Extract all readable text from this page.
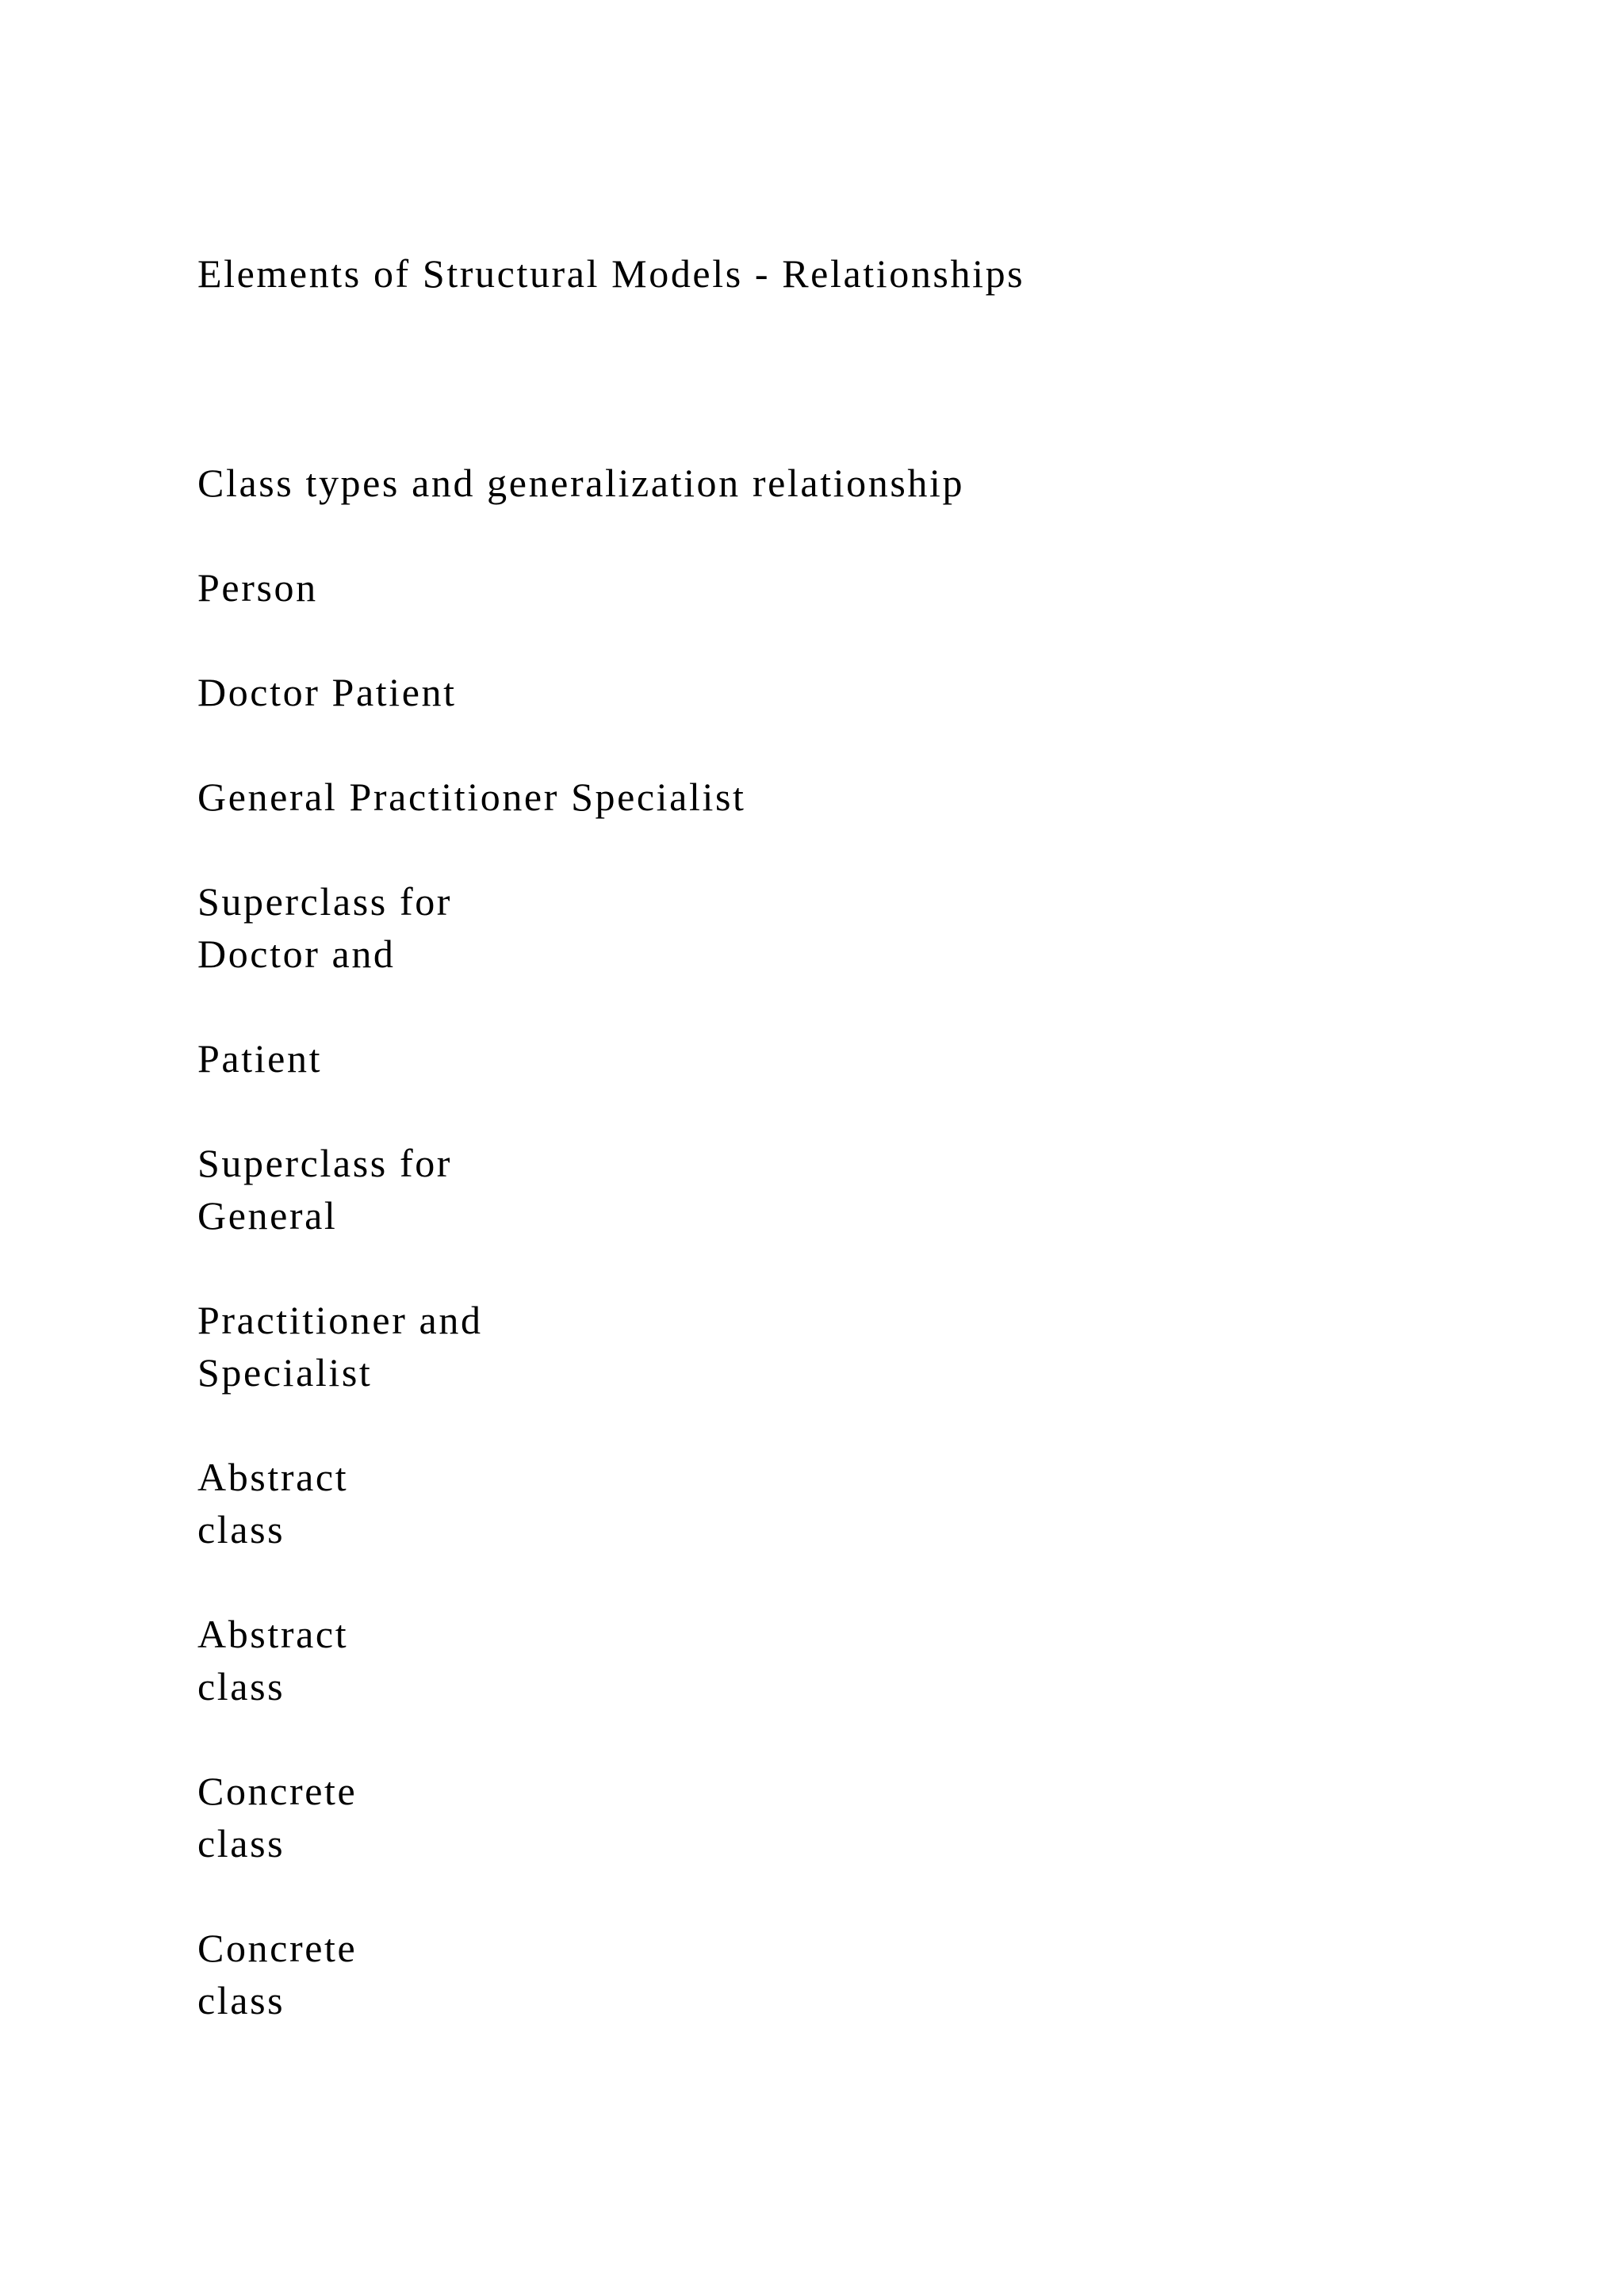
Elements of Structural Models - Relationships

Class types and generalization relationship

Person

Doctor Patient

General Practitioner Specialist

Superclass for

Doctor and

Patient

Superclass for

General

Practitioner and

Specialist

Abstract

class

Abstract

class

Concrete

class

Concrete

class
